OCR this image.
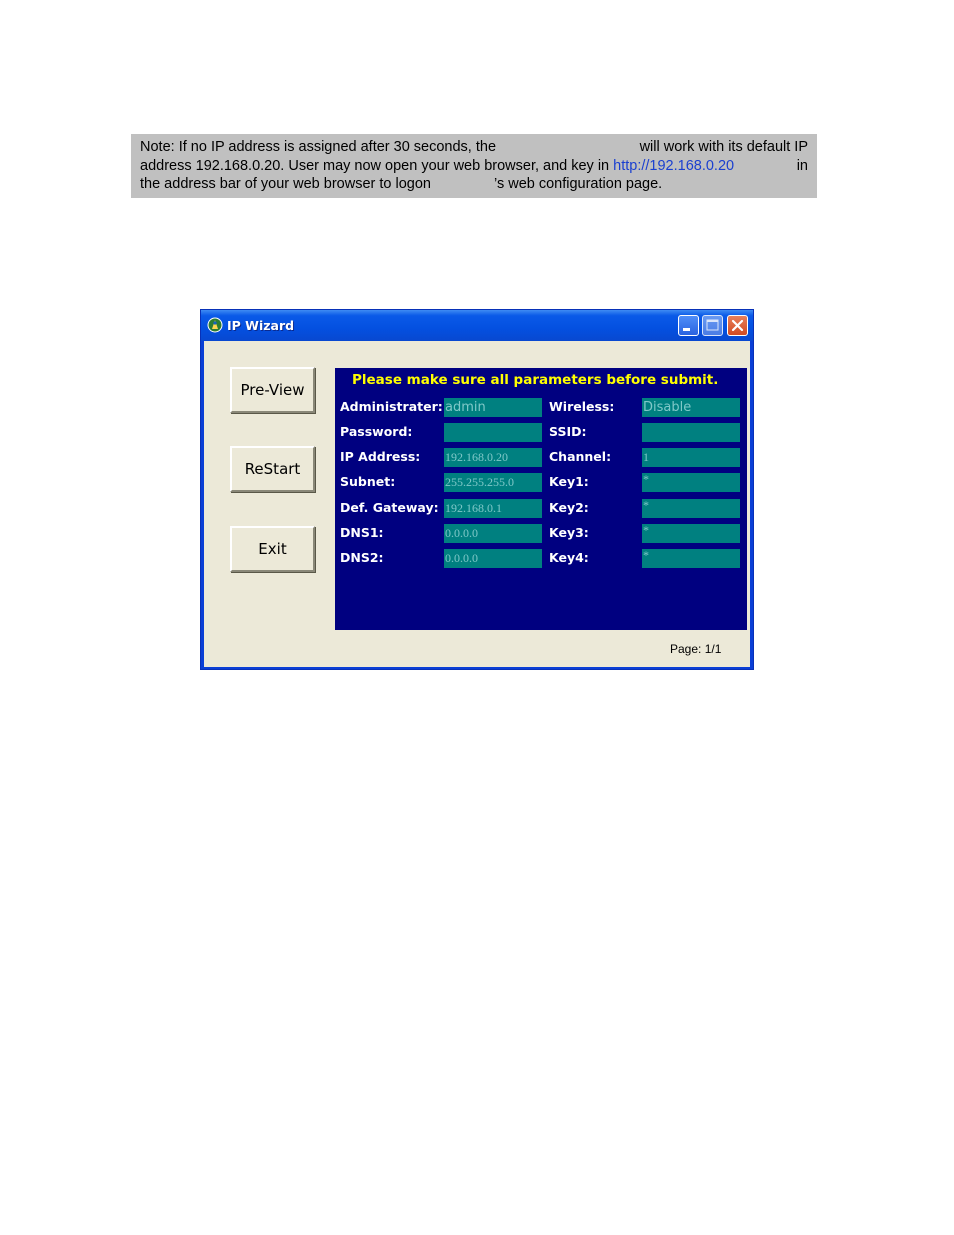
Note: If no IP address is assigned after 30 seconds, the	will work with its default IP
address 192.168.0.20. User may now open your web browser, and key in http://192.168.0.20	in
the address bar of your web browser to logon	’s web configuration page.
IP Wizard
Pre-View
ReStart
Exit
Please make sure all parameters before submit.
Administrater: admin
Password:
IP Address: 192.168.0.20
Subnet:	255.255.255.0
Def. Gateway: 192.168.0.1
DNS1:	0.0.0.0
DNS2:	0.0.0.0
Wireless: Disable
SSID:
Channel:	1
Key1:	*
Key2:	*
Key3:	*
Key4:	*
Page: 1/1
